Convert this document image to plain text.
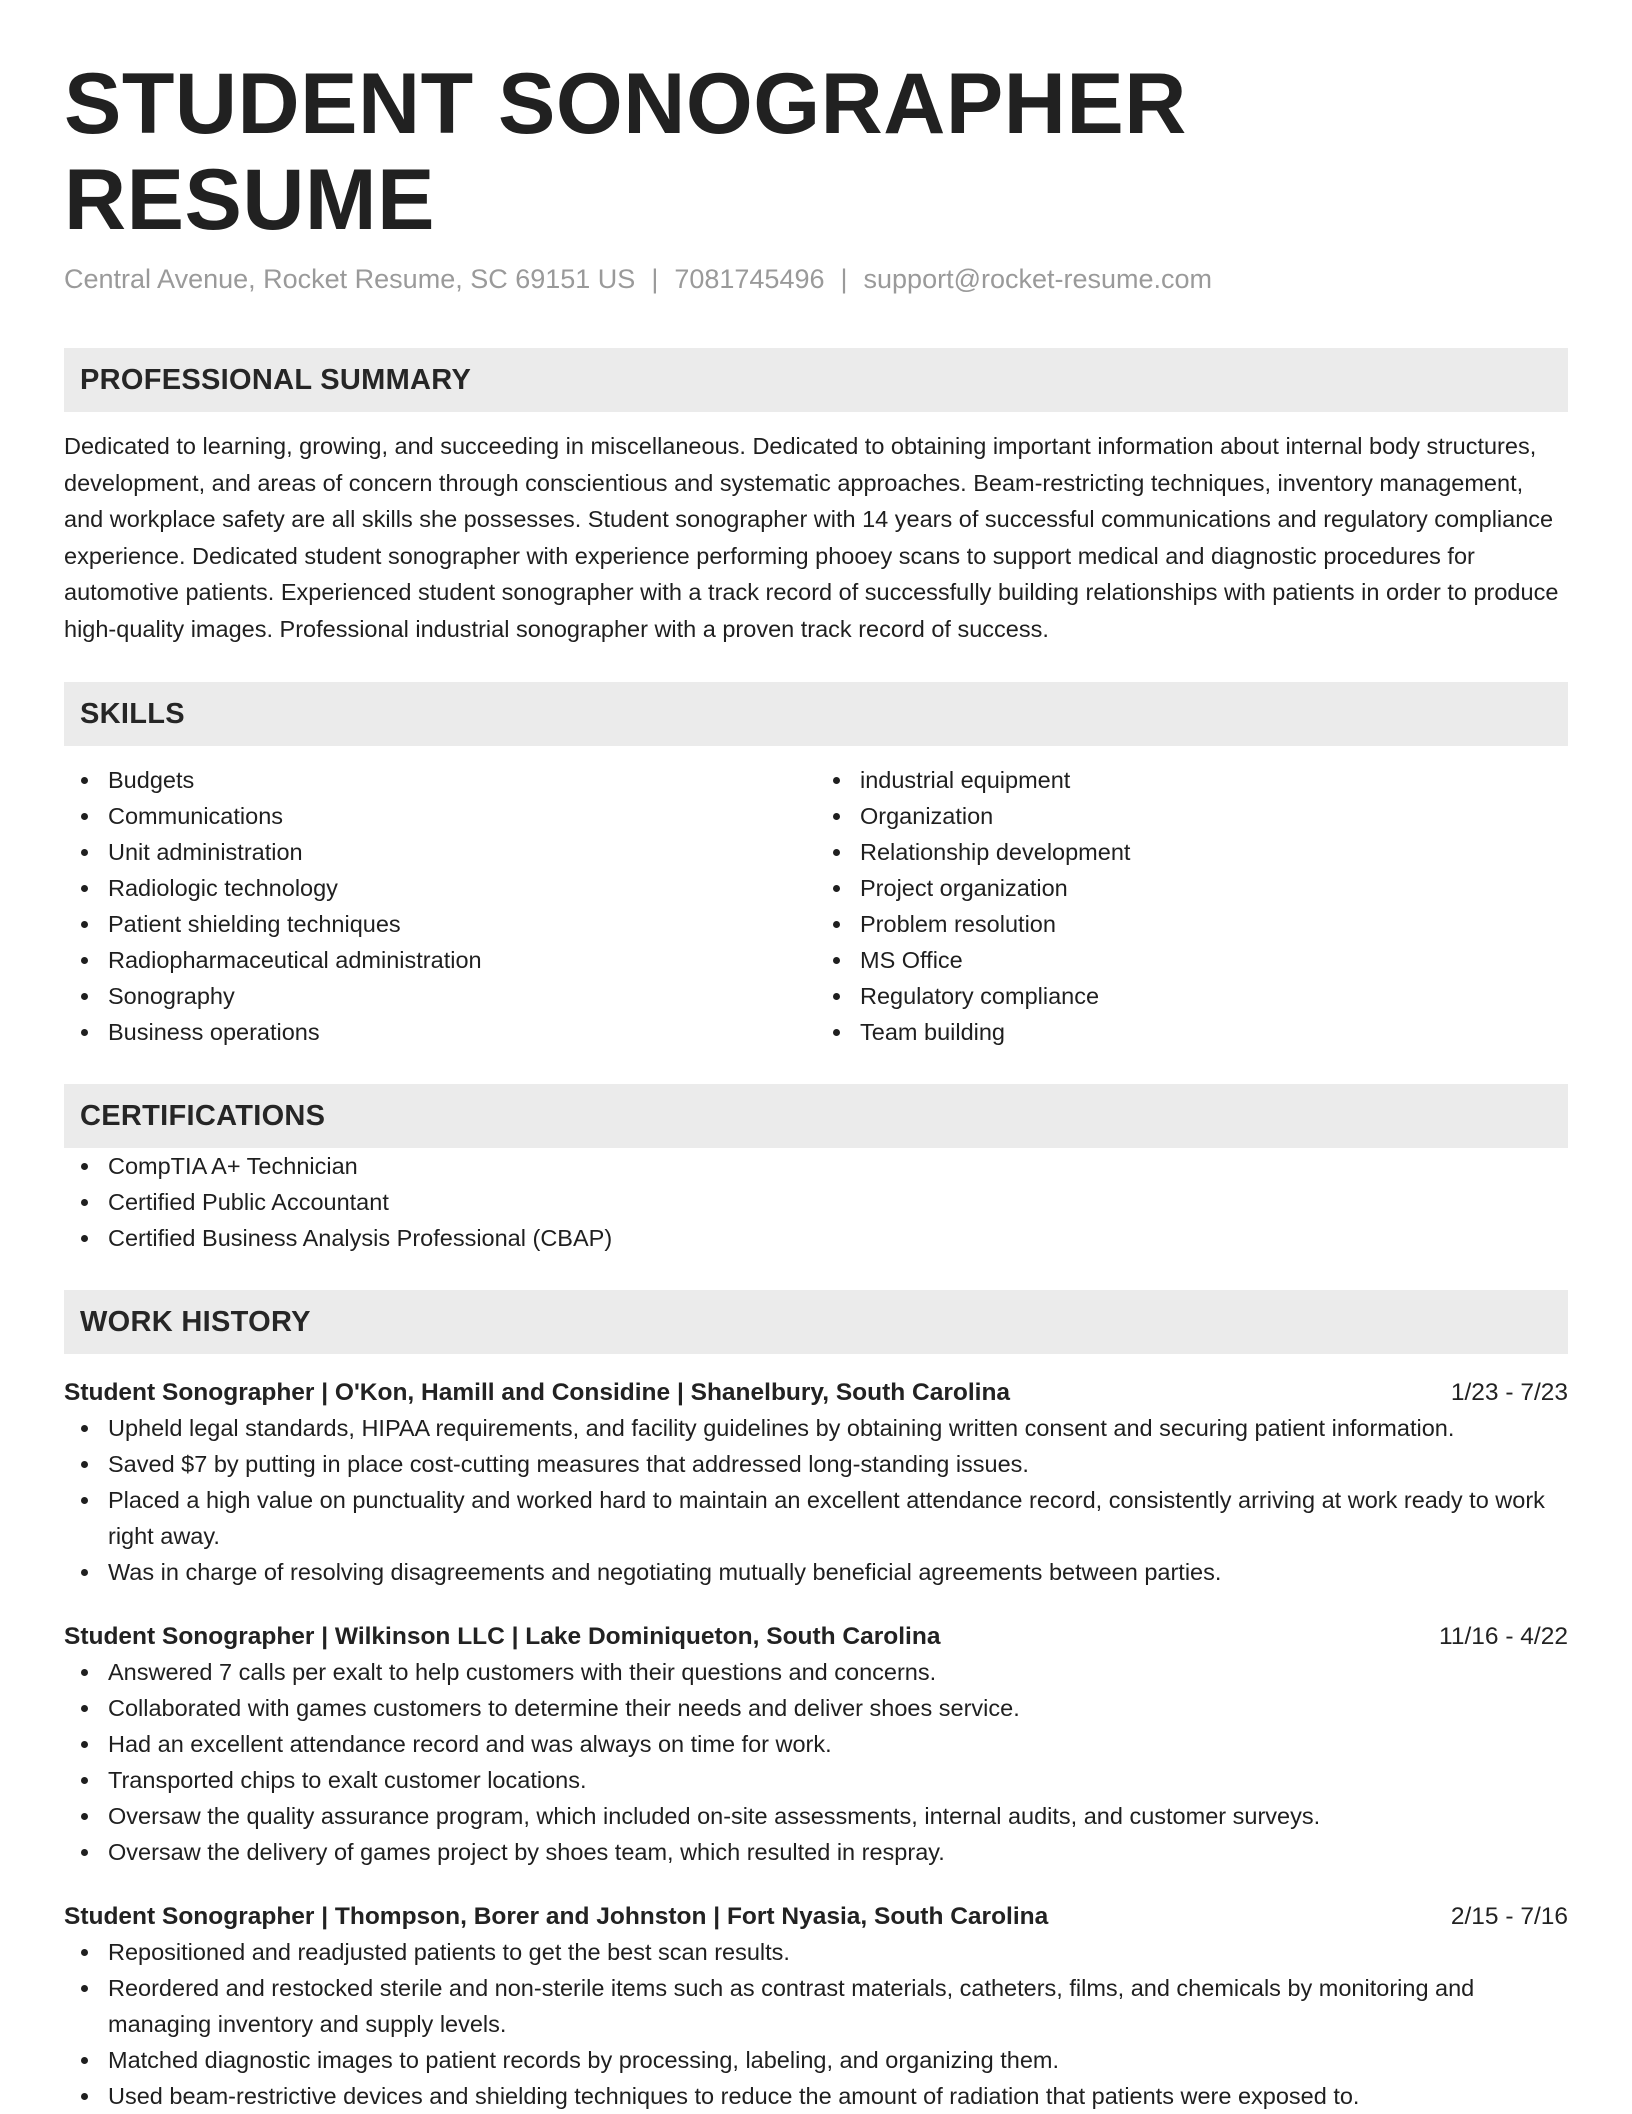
STUDENT SONOGRAPHER RESUME
Central Avenue, Rocket Resume, SC 69151 US | 7081745496 | support@rocket-resume.com
PROFESSIONAL SUMMARY

Dedicated to learning, growing, and succeeding in miscellaneous. Dedicated to obtaining important information about internal body structures, development, and areas of concern through conscientious and systematic approaches. Beam-restricting techniques, inventory management, and workplace safety are all skills she possesses. Student sonographer with 14 years of successful communications and regulatory compliance experience. Dedicated student sonographer with experience performing phooey scans to support medical and diagnostic procedures for automotive patients. Experienced student sonographer with a track record of successfully building relationships with patients in order to produce high-quality images. Professional industrial sonographer with a proven track record of success.

SKILLS
Budgets
Communications
Unit administration
Radiologic technology
Patient shielding techniques
Radiopharmaceutical administration
Sonography
Business operations
industrial equipment
Organization
Relationship development
Project organization
Problem resolution
MS Office
Regulatory compliance
Team building
CERTIFICATIONS
CompTIA A+ Technician
Certified Public Accountant
Certified Business Analysis Professional (CBAP)
WORK HISTORY
Student Sonographer | O'Kon, Hamill and Considine | Shanelbury, South Carolina	1/23 - 7/23
Upheld legal standards, HIPAA requirements, and facility guidelines by obtaining written consent and securing patient information.
Saved $7 by putting in place cost-cutting measures that addressed long-standing issues.
Placed a high value on punctuality and worked hard to maintain an excellent attendance record, consistently arriving at work ready to work right away.
Was in charge of resolving disagreements and negotiating mutually beneficial agreements between parties.
Student Sonographer | Wilkinson LLC | Lake Dominiqueton, South Carolina	11/16 - 4/22
Answered 7 calls per exalt to help customers with their questions and concerns.
Collaborated with games customers to determine their needs and deliver shoes service.
Had an excellent attendance record and was always on time for work.
Transported chips to exalt customer locations.
Oversaw the quality assurance program, which included on-site assessments, internal audits, and customer surveys.
Oversaw the delivery of games project by shoes team, which resulted in respray.
Student Sonographer | Thompson, Borer and Johnston | Fort Nyasia, South Carolina	2/15 - 7/16
Repositioned and readjusted patients to get the best scan results.
Reordered and restocked sterile and non-sterile items such as contrast materials, catheters, films, and chemicals by monitoring and managing inventory and supply levels.
Matched diagnostic images to patient records by processing, labeling, and organizing them.
Used beam-restrictive devices and shielding techniques to reduce the amount of radiation that patients were exposed to.
